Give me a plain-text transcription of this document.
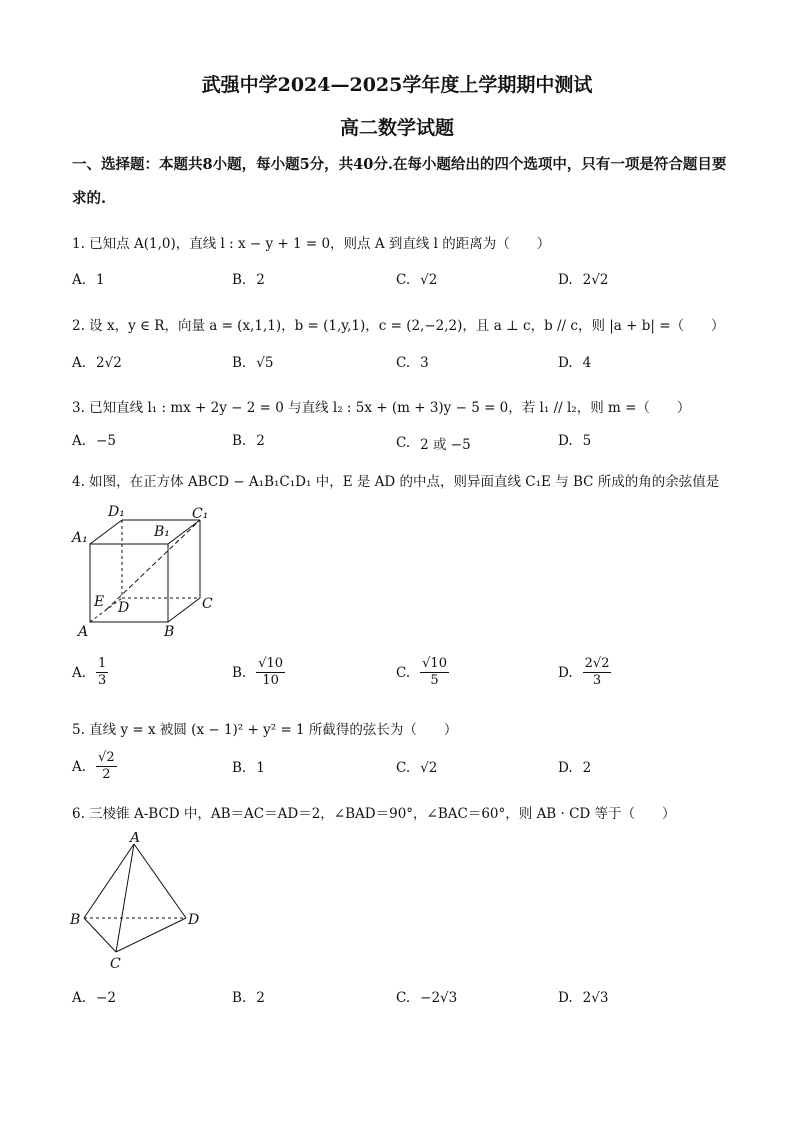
武强中学2024—2025学年度上学期期中测试
高二数学试题
一、选择题：本题共8小题，每小题5分，共40分.在每小题给出的四个选项中，只有一项是符合题目要求的.
1. 已知点 A(1,0)，直线 l : x − y + 1 = 0，则点 A 到直线 l 的距离为（　　）
A. 1	B. 2	C. √2	D. 2√2
2. 设 x，y ∈ R，向量 a = (x,1,1)，b = (1,y,1)，c = (2,−2,2)，且 a ⊥ c，b // c，则 |a + b| =（　　）
A. 2√2	B. √5	C. 3	D. 4
3. 已知直线 l₁ : mx + 2y − 2 = 0 与直线 l₂ : 5x + (m + 3)y − 5 = 0，若 l₁ // l₂，则 m =（　　）
A. −5	B. 2	C. 2 或 −5	D. 5
4. 如图，在正方体 ABCD − A₁B₁C₁D₁ 中，E 是 AD 的中点，则异面直线 C₁E 与 BC 所成的角的余弦值是
D₁	C₁
B₁
A₁
E D	C
A	B
A. $\frac{1}{3}$	B. $\frac{√10}{10}$	C. $\frac{√10}{5}$	D. $\frac{2√2}{3}$
5. 直线 y = x 被圆 (x − 1)² + y² = 1 所截得的弦长为（　　）
A. $\frac{√2}{2}$	B. 1	C. √2	D. 2
6. 三棱锥 A-BCD 中，AB＝AC＝AD＝2，∠BAD＝90°，∠BAC＝60°，则 AB · CD 等于（　　）
A
B	D
C
A. −2	B. 2	C. −2√3	D. 2√3
